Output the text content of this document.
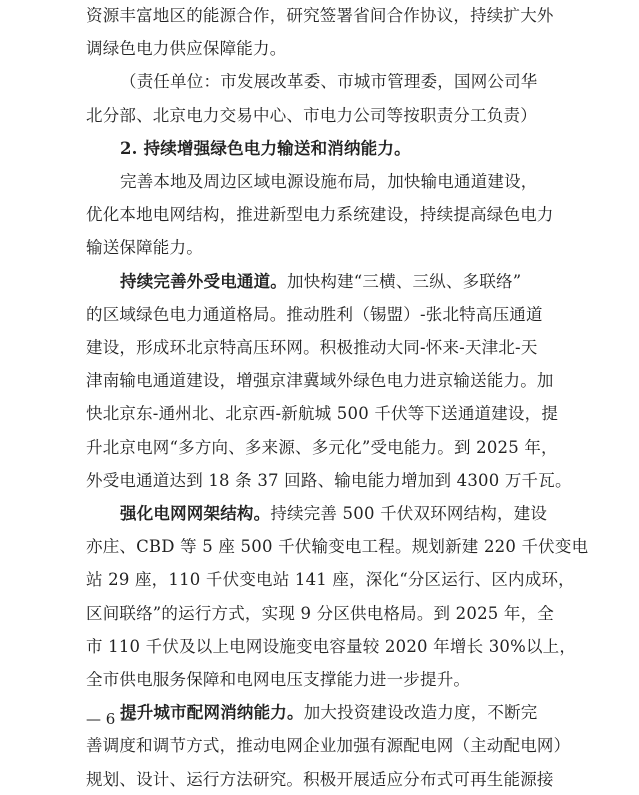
资源丰富地区的能源合作，研究签署省间合作协议，持续扩大外
调绿色电力供应保障能力。
（责任单位：市发展改革委、市城市管理委，国网公司华
北分部、北京电力交易中心、市电力公司等按职责分工负责）
2. 持续增强绿色电力输送和消纳能力。
完善本地及周边区域电源设施布局，加快输电通道建设，
优化本地电网结构，推进新型电力系统建设，持续提高绿色电力
输送保障能力。
持续完善外受电通道。加快构建“三横、三纵、多联络”
的区域绿色电力通道格局。推动胜利（锡盟）-张北特高压通道
建设，形成环北京特高压环网。积极推动大同-怀来-天津北-天
津南输电通道建设，增强京津冀域外绿色电力进京输送能力。加
快北京东-通州北、北京西-新航城 500 千伏等下送通道建设，提
升北京电网“多方向、多来源、多元化”受电能力。到 2025 年，
外受电通道达到 18 条 37 回路、输电能力增加到 4300 万千瓦。
强化电网网架结构。持续完善 500 千伏双环网结构，建设
亦庄、CBD 等 5 座 500 千伏输变电工程。规划新建 220 千伏变电
站 29 座，110 千伏变电站 141 座，深化“分区运行、区内成环，
区间联络”的运行方式，实现 9 分区供电格局。到 2025 年，全
市 110 千伏及以上电网设施变电容量较 2020 年增长 30%以上，
全市供电服务保障和电网电压支撑能力进一步提升。
提升城市配网消纳能力。加大投资建设改造力度，不断完
善调度和调节方式，推动电网企业加强有源配电网（主动配电网）
规划、设计、运行方法研究。积极开展适应分布式可再生能源接
— 6 —
